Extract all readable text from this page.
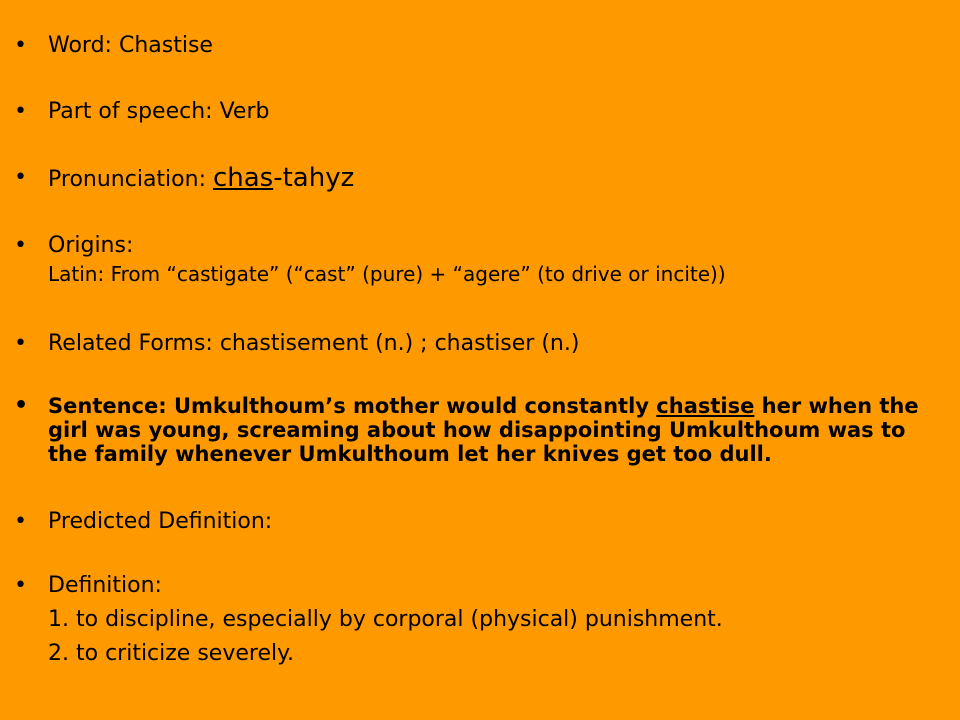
• Word: Chastise
• Part of speech: Verb
• Pronunciation: chas-tahyz
• Origins:
Latin: From “castigate” (“cast” (pure) + “agere” (to drive or incite))
• Related Forms: chastisement (n.) ; chastiser (n.)
• Sentence: Umkulthoum’s mother would constantly chastise her when the girl was young, screaming about how disappointing Umkulthoum was to the family whenever Umkulthoum let her knives get too dull.
• Predicted Definition:
• Definition:
1. to discipline, especially by corporal (physical) punishment.
2. to criticize severely.
